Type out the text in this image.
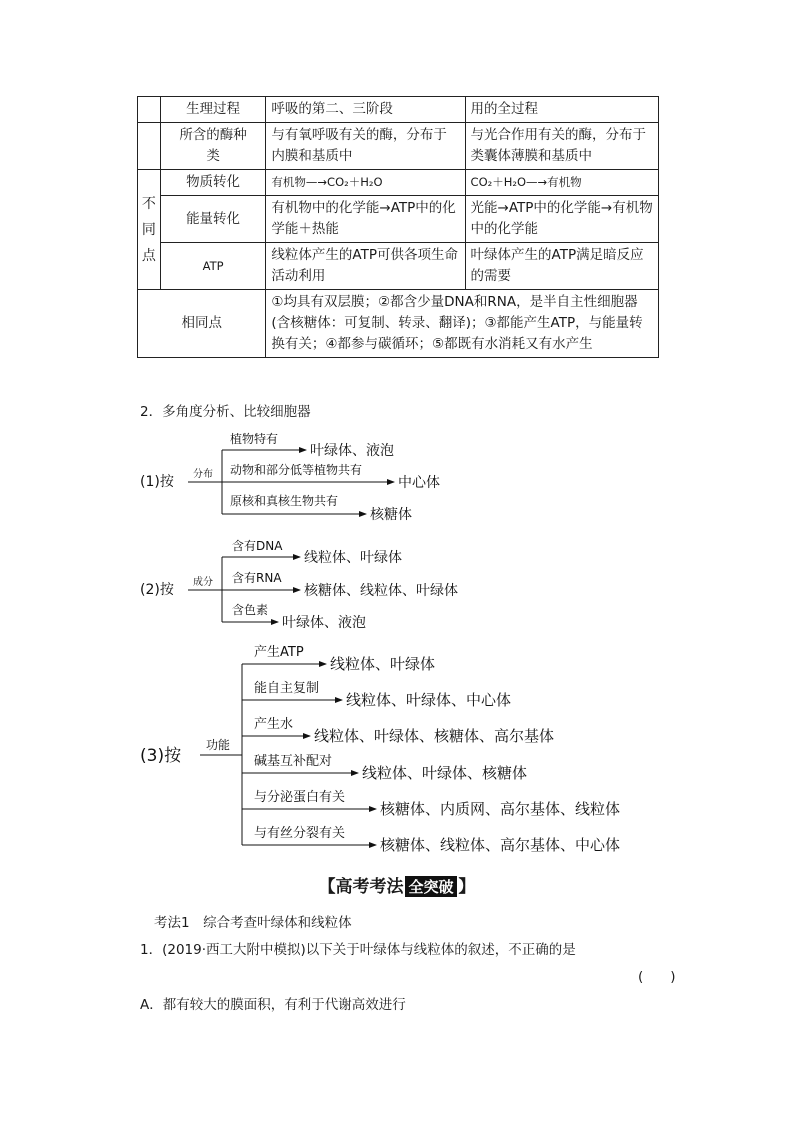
	生理过程	呼吸的第二、三阶段	用的全过程
	所含的酶种类	与有氧呼吸有关的酶，分布于内膜和基质中	与光合作用有关的酶，分布于类囊体薄膜和基质中
不同点	物质转化	有机物—→CO₂＋H₂O	CO₂＋H₂O—→有机物
	能量转化	有机物中的化学能→ATP中的化学能＋热能	光能→ATP中的化学能→有机物中的化学能
	ATP	线粒体产生的ATP可供各项生命活动利用	叶绿体产生的ATP满足暗反应的需要
相同点		①均具有双层膜；②都含少量DNA和RNA，是半自主性细胞器(含核糖体：可复制、转录、翻译)；③都能产生ATP，与能量转换有关；④都参与碳循环；⑤都既有水消耗又有水产生	
2．多角度分析、比较细胞器
(1)按 分布
植物特有
叶绿体、液泡
动物和部分低等植物共有
中心体
原核和真核生物共有
核糖体
(2)按 成分
含有DNA
线粒体、叶绿体
含有RNA
核糖体、线粒体、叶绿体
含色素
叶绿体、液泡
(3)按
功能
产生ATP
线粒体、叶绿体
能自主复制
线粒体、叶绿体、中心体
产生水
线粒体、叶绿体、核糖体、高尔基体
碱基互补配对
线粒体、叶绿体、核糖体
与分泌蛋白有关
核糖体、内质网、高尔基体、线粒体
与有丝分裂有关
核糖体、线粒体、高尔基体、中心体
【高考考法 全突破 】
考法1　综合考查叶绿体和线粒体
1．(2019·西工大附中模拟)以下关于叶绿体与线粒体的叙述，不正确的是
(　　)
A．都有较大的膜面积，有利于代谢高效进行
